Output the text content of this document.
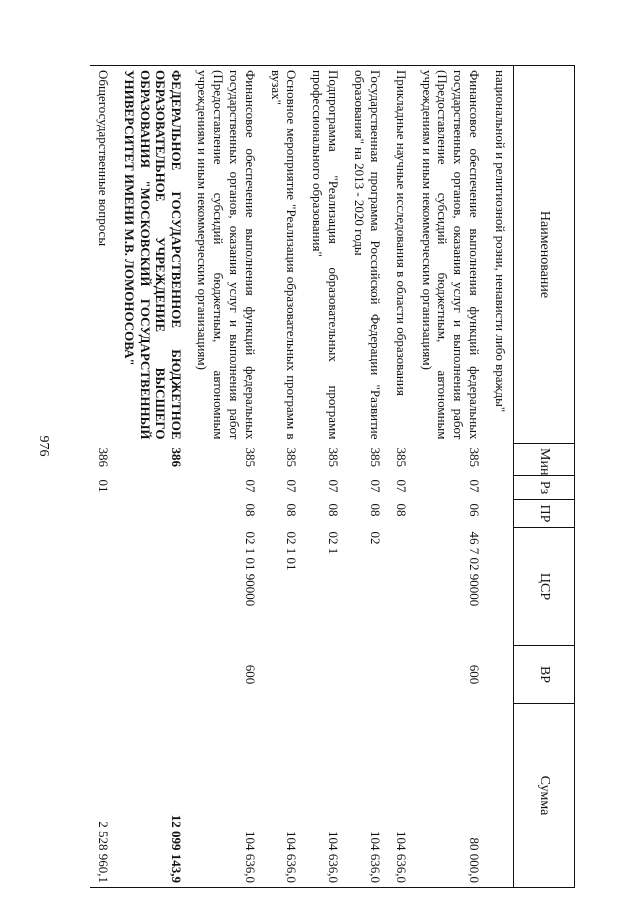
976
Наименование	Мин	Рз	ПР	ЦСР	ВР	Сумма
национальной и религиозной розни, ненависти либо вражды"						
Финансовое обеспечение выполнения функций федеральных государственных органов, оказания услуг и выполнения работ (Предоставление субсидий бюджетным, автономным учреждениям и иным некоммерческим организациям)	385	07	06	46 7 02 90000	600	80 000,0
Прикладные научные исследования в области образования	385	07	08			104 636,0
Государственная программа Российской Федерации "Развитие образования" на 2013 - 2020 годы	385	07	08	02		104 636,0
Подпрограмма "Реализация образовательных программ профессионального образования"	385	07	08	02 1		104 636,0
Основное мероприятие "Реализация образовательных программ в вузах"	385	07	08	02 1 01		104 636,0
Финансовое обеспечение выполнения функций федеральных государственных органов, оказания услуг и выполнения работ (Предоставление субсидий бюджетным, автономным учреждениям и иным некоммерческим организациям)	385	07	08	02 1 01 90000	600	104 636,0
ФЕДЕРАЛЬНОЕ ГОСУДАРСТВЕННОЕ БЮДЖЕТНОЕ ОБРАЗОВАТЕЛЬНОЕ УЧРЕЖДЕНИЕ ВЫСШЕГО ОБРАЗОВАНИЯ "МОСКОВСКИЙ ГОСУДАРСТВЕННЫЙ УНИВЕРСИТЕТ ИМЕНИ М.В. ЛОМОНОСОВА"	386					12 099 143,9
Общегосударственные вопросы	386	01				2 528 960,1
